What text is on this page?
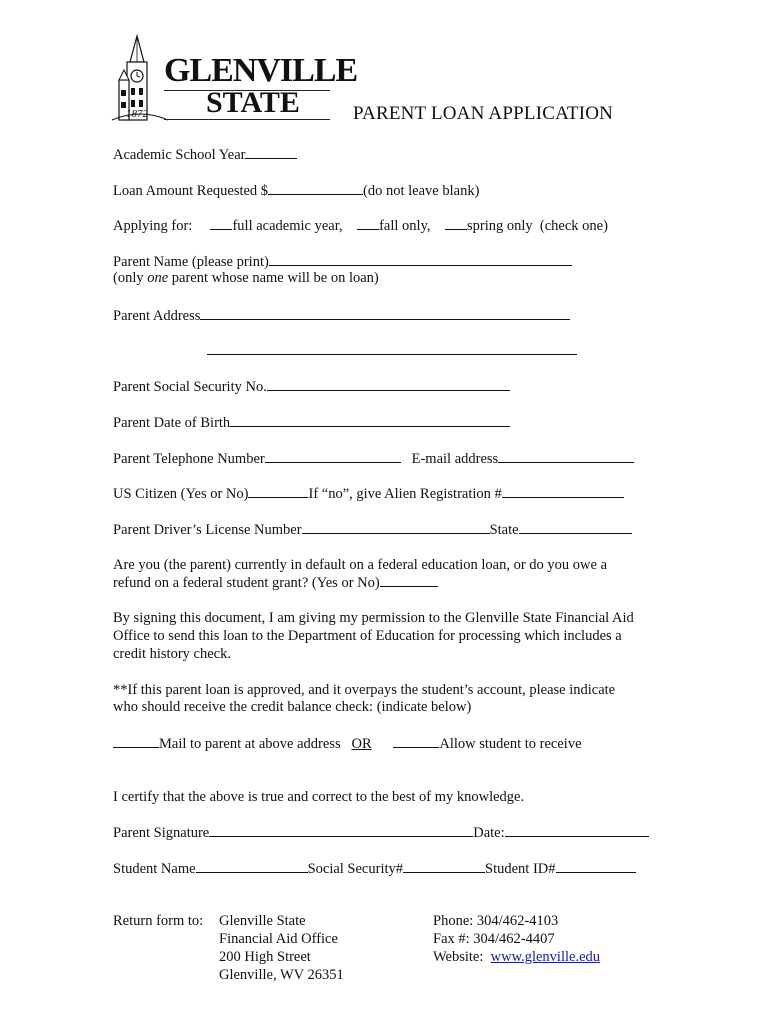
GLENVILLE
STATE
1872	PARENT LOAN APPLICATION
Academic School Year
Loan Amount Requested $	(do not leave blank)
Applying for:	full academic year,	fall only,	spring only (check one)
Parent Name (please print)
(only one parent whose name will be on loan)
Parent Address
Parent Social Security No.
Parent Date of Birth
Parent Telephone Number	E-mail address
US Citizen (Yes or No)	If “no”, give Alien Registration #
Parent Driver’s License Number	State
Are you (the parent) currently in default on a federal education loan, or do you owe a
refund on a federal student grant? (Yes or No)
By signing this document, I am giving my permission to the Glenville State Financial Aid
Office to send this loan to the Department of Education for processing which includes a
credit history check.
**If this parent loan is approved, and it overpays the student’s account, please indicate
who should receive the credit balance check: (indicate below)
Mail to parent at above address OR	Allow student to receive
I certify that the above is true and correct to the best of my knowledge.
Parent Signature	Date:
Student Name	Social Security#	Student ID#
Return form to: Glenville State
Financial Aid Office
200 High Street
Glenville, WV 26351
Phone: 304/462-4103
Fax #: 304/462-4407
Website: www.glenville.edu
